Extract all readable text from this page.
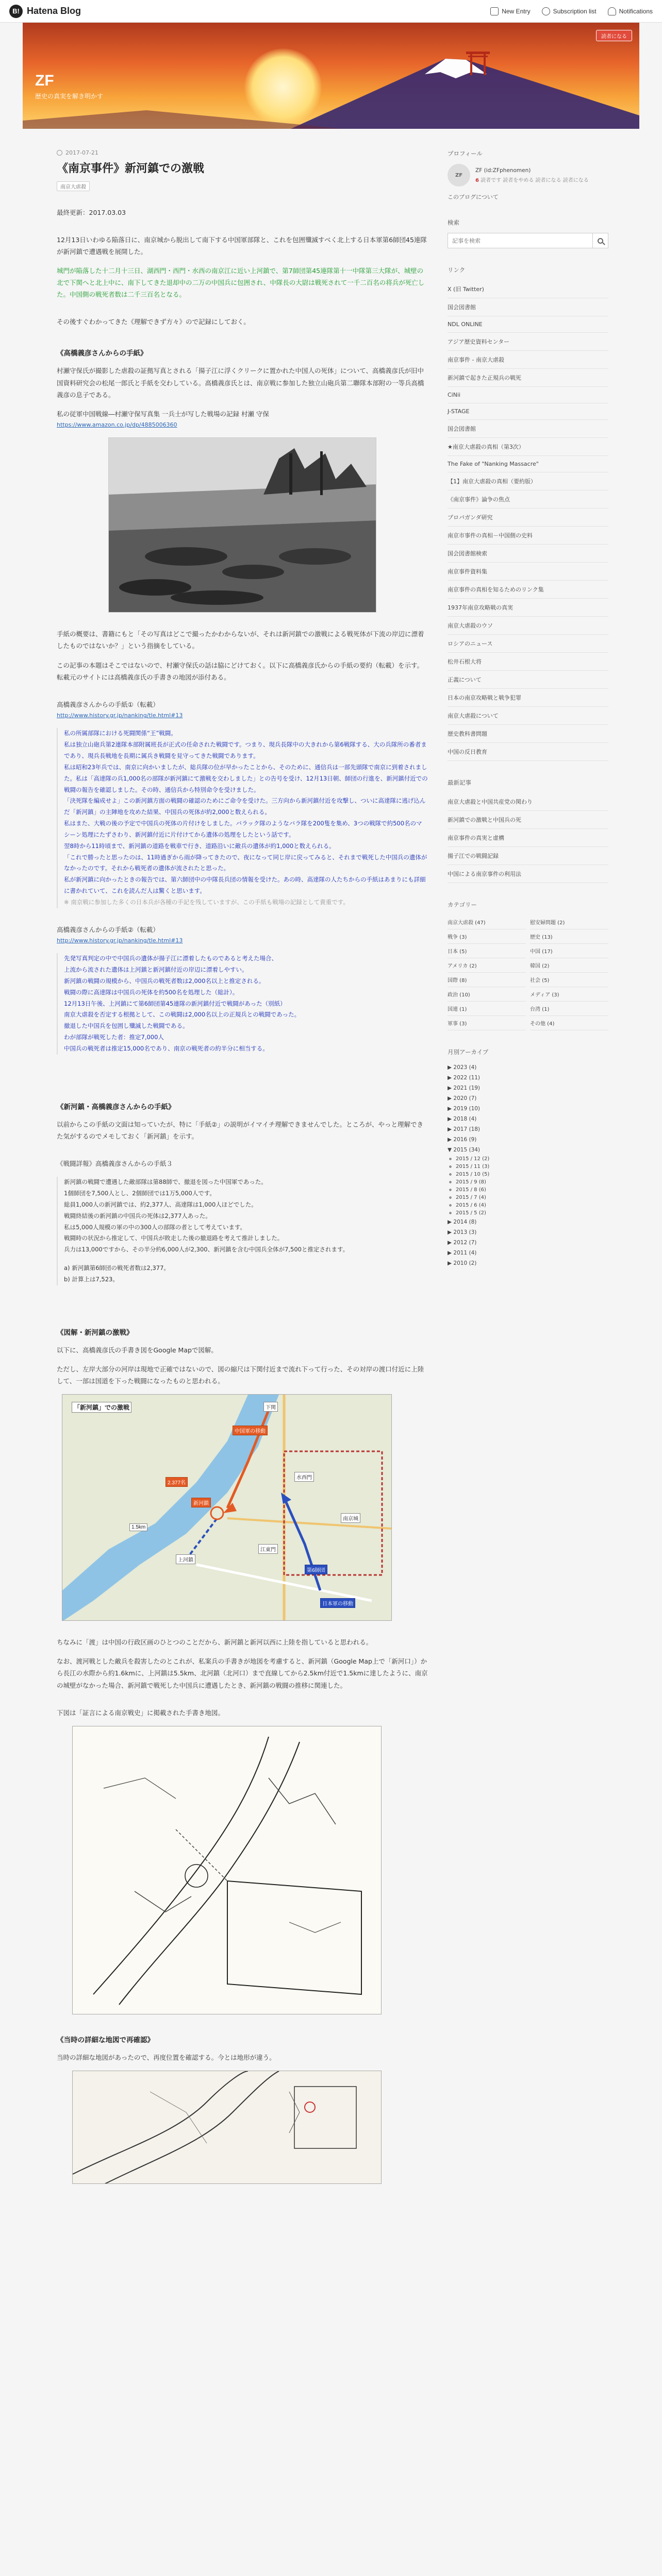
B! Hatena Blog	New Entry	Subscription list	Notifications
ZF
歴史の真実を解き明かす
読者になる
2017-07-21
《南京事件》新河鎮での激戦
南京大虐殺
最終更新：2017.03.03
12月13日いわゆる陥落日に、南京城から脱出して南下する中国軍部隊と、これを包囲殲滅すべく北上する日本軍第6師団45連隊が新河鎮で遭遇戦を展開した。
城門が陥落した十二月十三日、湖西門・西門・水西の南京江に近い上河鎮で、第7師団第45連隊第十一中隊第三大隊が、城壁の北で下関へと北上中に、南下してきた退却中の二万の中国兵に包囲され、中隊長の大尉は戦死されて一千二百名の将兵が死亡した。中国側の戦死者数は二千三百名となる。
その後すぐわかってきた《理解できず方々》ので記録にしておく。
《高橋義彦さんからの手紙》
村瀬守保氏が撮影した虐殺の証拠写真とされる「揚子江に浮くクリークに置かれた中国人の死体」について、高橋義彦氏が旧中国資料研究会の松尾一郎氏と手紙を交わしている。高橋義彦氏とは、南京戦に参加した独立山砲兵第二聯隊本部附の一等兵高橋義彦の息子である。
私の従軍中国戦線―村瀬守保写真集 一兵士が写した戦場の記録 村瀬 守保
https://www.amazon.co.jp/dp/4885006360
手紙の概要は、書籍にもと「その写真はどこで撮ったかわからないが、それは新河鎮での激戦による戦死体が下流の岸辺に漂着したものではないか？」という指摘をしている。
この記事の本題はそこではないので、村瀬守保氏の話は脇にどけておく。以下に高橋義彦氏からの手紙の要約（転載）を示す。転載元のサイトには高橋義彦氏の手書きの地図が添付ある。
高橋義彦さんからの手紙①（転載）
http://www.history.gr.jp/nanking/tle.html#13
私の所属部隊における死闘関係“王”戦闘。
私は独立山砲兵第2連隊本部附属班長が正式の任命された戦闘です。つまり、現兵長隊中の大きれから第6戦隊する、大の兵隊所の番者まであり、現兵長戦地を長期に属兵き戦闘を見守ってきた戦闘であります。
私は昭和23年兵では、南京に向かいましたが、総兵隊の位が早かったことから、そのために、通信兵は一部先頭隊で南京に到着されました。私は「高達隊の兵1,000名の部隊が新河鎮にて激戦を交わしました」との告号を受け、12月13日朝、師団の行進を、新河鎮付近での戦闘の報告を確認しました。その時、通信兵から特別命令を受けました。
「決死隊を編成せよ」この新河鎮方面の戦闘の確認のためにご命令を受けた。三方向から新河鎮付近を攻撃し、ついに高達隊に逃げ込んだ「新河鎮」の主陣地を攻めた結果、中国兵の死体が約2,000と数えられる。
私はまた、大戦の後の予定で中国兵の死体の片付けをしました。バラック隊のようなバラ隊を200隻を集め、3つの戦隊で約500名のマシーン処理にたずさわり、新河鎮付近に片付けてから遺体の処理をしたという話です。
翌8時から11時頃まで、新河鎮の道路を戦車で行き、道路沿いに敵兵の遺体が約1,000と数えられる。
「これで勝ったと思ったのは、11時過ぎから雨が降ってきたので、夜になって同じ岸に戻ってみると、それまで戦死した中国兵の遺体がなかったのです。それから戦死者の遺体が流されたと思った。
私が新河鎮に向かったときの報告では、第六師団中の中隊長兵団の情報を受けた。あの時、高達隊の人たちからの手紙はあまりにも詳細に書かれていて、これを読んだ人は驚くと思います。
※ 南京戦に参加した多くの日本兵が各種の手記を残していますが、この手紙も戦場の記録として貴重です。
高橋義彦さんからの手紙②（転載）
http://www.history.gr.jp/nanking/tle.html#13
先発写真判定の中で中国兵の遺体が揚子江に漂着したものであると考えた場合、
上流から流された遺体は上河鎮と新河鎮付近の岸辺に漂着しやすい。
新河鎮の戦闘の規模から、中国兵の戦死者数は2,000名以上と推定される。
戦闘の際に高達隊は中国兵の死体を約500名を処理した（総計）。
12月13日午後、上河鎮にて第6師団第45連隊の新河鎮付近で戦闘があった（別紙）
南京大虐殺を否定する根拠として、この戦闘は2,000名以上の正規兵との戦闘であった。
撤退した中国兵を包囲し殲滅した戦闘である。
わが部隊が戦死した者：推定7,000人
中国兵の戦死者は推定15,000名であり、南京の戦死者の約半分に相当する。
《新河鎮・高橋義彦さんからの手紙》
以前からこの手紙の文面は知っていたが、特に「手紙②」の説明がイマイチ理解できませんでした。ところが、やっと理解できた気がするのでメモしておく「新河鎮」を示す。
《戦闘詳報》高橋義彦さんからの手紙３
新河鎮の戦闘で遭遇した敵部隊は第88師で、撤退を図った中国軍であった。
1個師団を7,500人とし、2個師団では1万5,000人です。
総員1,000人の新河鎮では、約2,377人、高達隊は1,000人ほどでした。
戦闘終結後の新河鎮の中国兵の死体は2,377人あった。
私は5,000人規模の軍の中の300人の部隊の者として考えています。
戦闘時の状況から推定して、中国兵が敗走した後の撤退路を考えて推計しました。
兵力は13,000ですから、その半分約6,000人が2,300、新河鎮を含む中国兵全体が7,500と推定されます。
a) 新河鎮第6師団の戦死者数は2,377。
b) 計算上は7,523。
《図解・新河鎮の激戦》
以下に、高橋義彦氏の手書き図をGoogle Mapで図解。
ただし、左岸大部分の河岸は現地で正確ではないので、図の縮尺は下関付近まで流れ下って行った、その対岸の渡口付近に上陸して、一部は国道を下った戦闘になったものと思われる。
「新河鎮」での激戦	下関
水西門
新河鎮
上河鎮
江東門
南京城
日本軍の移動
中国軍の移動
第6師団
2.377名
1.5km
ちなみに「渡」は中国の行政区画のひとつのことだから、新河鎮と新河以西に上陸を指していると思われる。
なお、渡河戦とした敵兵を殺害したのとこれが、私案兵の手書きが地図を考慮すると、新河鎮（Google Map上で「新河口」）から長江の水際から約1.6kmに、上河鎮は5.5km、北河鎮（北河口）まで直線してから2.5km付近で1.5kmに達したように、南京の城壁がなかった場合、新河鎮で戦死した中国兵に遭遇したとき、新河鎮の戦闘の推移に関連した。
下図は「証言による南京戦史」に掲載された手書き地図。
《当時の詳細な地図で再確認》
当時の詳細な地図があったので、再度位置を確認する。今とは地形が違う。
プロフィール
ZF
ZF (id:ZFphenomen)
6 読者です 読者をやめる 読者になる 読者になる
このブログについて
検索
記事を検索
リンク
X (旧 Twitter)
国会図書館
NDL ONLINE
アジア歴史資料センター
南京事件 - 南京大虐殺
新河鎮で起きた正規兵の戦死
CiNii
J-STAGE
国会図書館
★南京大虐殺の真相（第3次）
The Fake of "Nanking Massacre"
【1】南京大虐殺の真相（要約版）
《南京事件》論争の焦点
プロパガンダ研究
南京市事件の真相－中国側の史料
国会図書館検索
南京事件資料集
南京事件の真相を知るためのリンク集
1937年南京攻略戦の真実
南京大虐殺のウソ
ロシアのニュース
松井石根大将
正義について
日本の南京攻略戦と戦争犯罪
南京大虐殺について
歴史教科書問題
中国の反日教育
最新記事
南京大虐殺と中国共産党の関わり
新河鎮での激戦と中国兵の死
南京事件の真実と虚構
揚子江での戦闘記録
中国による南京事件の利用法
カテゴリー
南京大虐殺 (47)	慰安婦問題 (2)
戦争 (3)	歴史 (13)
日本 (5)	中国 (17)
アメリカ (2)	韓国 (2)
国際 (8)	社会 (5)
政治 (10)	メディア (3)
国連 (1)	台湾 (1)
軍事 (3)	その他 (4)
月別アーカイブ
▶ 2023 (4)
▶ 2022 (11)
▶ 2021 (19)
▶ 2020 (7)
▶ 2019 (10)
▶ 2018 (4)
▶ 2017 (18)
▶ 2016 (9)
▼ 2015 (34)
◦ 2015 / 12 (2)
◦ 2015 / 11 (3)
◦ 2015 / 10 (5)
◦ 2015 / 9 (8)
◦ 2015 / 8 (6)
◦ 2015 / 7 (4)
◦ 2015 / 6 (4)
◦ 2015 / 5 (2)
▶ 2014 (8)
▶ 2013 (3)
▶ 2012 (7)
▶ 2011 (4)
▶ 2010 (2)
